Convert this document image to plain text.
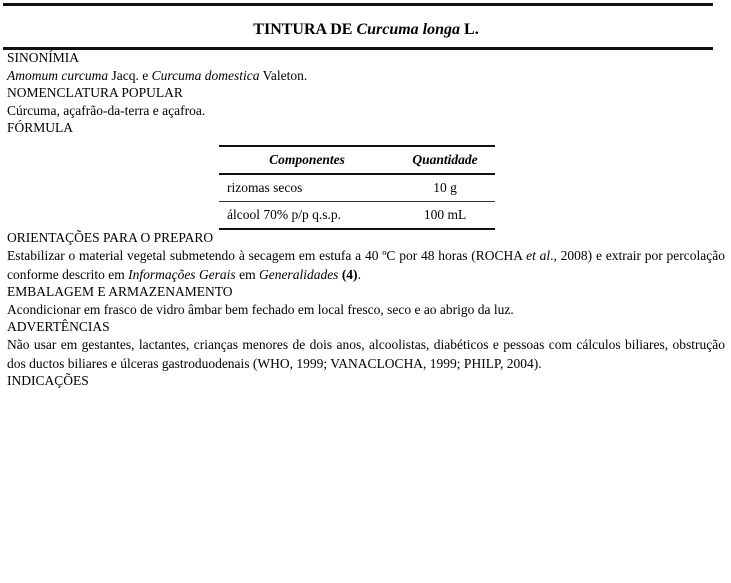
TINTURA DE Curcuma longa L.
SINONÍMIA

Amomum curcuma Jacq. e Curcuma domestica Valeton.

NOMENCLATURA POPULAR

Cúrcuma, açafrão-da-terra e açafroa.

FÓRMULA
Componentes	Quantidade
rizomas secos	10 g
álcool 70% p/p q.s.p.	100 mL
ORIENTAÇÕES PARA O PREPARO

Estabilizar o material vegetal submetendo à secagem em estufa a 40 ºC por 48 horas (ROCHA et al., 2008) e extrair por percolação conforme descrito em Informações Gerais em Generalidades (4).

EMBALAGEM E ARMAZENAMENTO

Acondicionar em frasco de vidro âmbar bem fechado em local fresco, seco e ao abrigo da luz.

ADVERTÊNCIAS

Não usar em gestantes, lactantes, crianças menores de dois anos, alcoolistas, diabéticos e pessoas com cálculos biliares, obstrução dos ductos biliares e úlceras gastroduodenais (WHO, 1999; VANACLOCHA, 1999; PHILP, 2004).

INDICAÇÕES
